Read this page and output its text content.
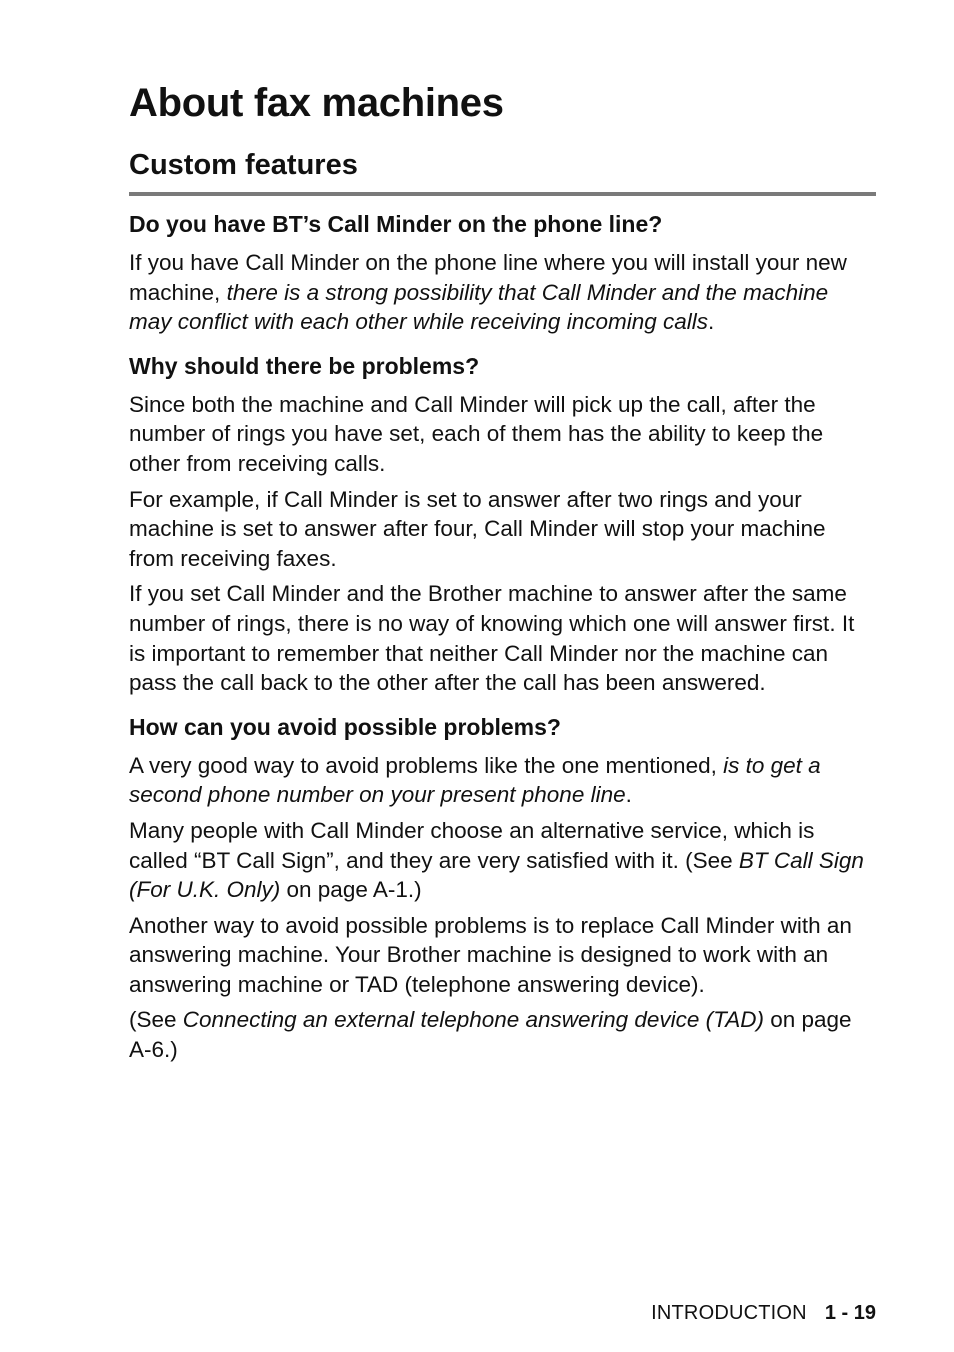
About fax machines
Custom features
Do you have BT’s Call Minder on the phone line?

If you have Call Minder on the phone line where you will install your new machine, there is a strong possibility that Call Minder and the machine may conflict with each other while receiving incoming calls.

Why should there be problems?

Since both the machine and Call Minder will pick up the call, after the number of rings you have set, each of them has the ability to keep the other from receiving calls.

For example, if Call Minder is set to answer after two rings and your machine is set to answer after four, Call Minder will stop your machine from receiving faxes.

If you set Call Minder and the Brother machine to answer after the same number of rings, there is no way of knowing which one will answer first. It is important to remember that neither Call Minder nor the machine can pass the call back to the other after the call has been answered.

How can you avoid possible problems?

A very good way to avoid problems like the one mentioned, is to get a second phone number on your present phone line.

Many people with Call Minder choose an alternative service, which is called “BT Call Sign”, and they are very satisfied with it. (See BT Call Sign (For U.K. Only) on page A-1.)

Another way to avoid possible problems is to replace Call Minder with an answering machine. Your Brother machine is designed to work with an answering machine or TAD (telephone answering device).

(See Connecting an external telephone answering device (TAD) on page A-6.)

INTRODUCTION 1 - 19
